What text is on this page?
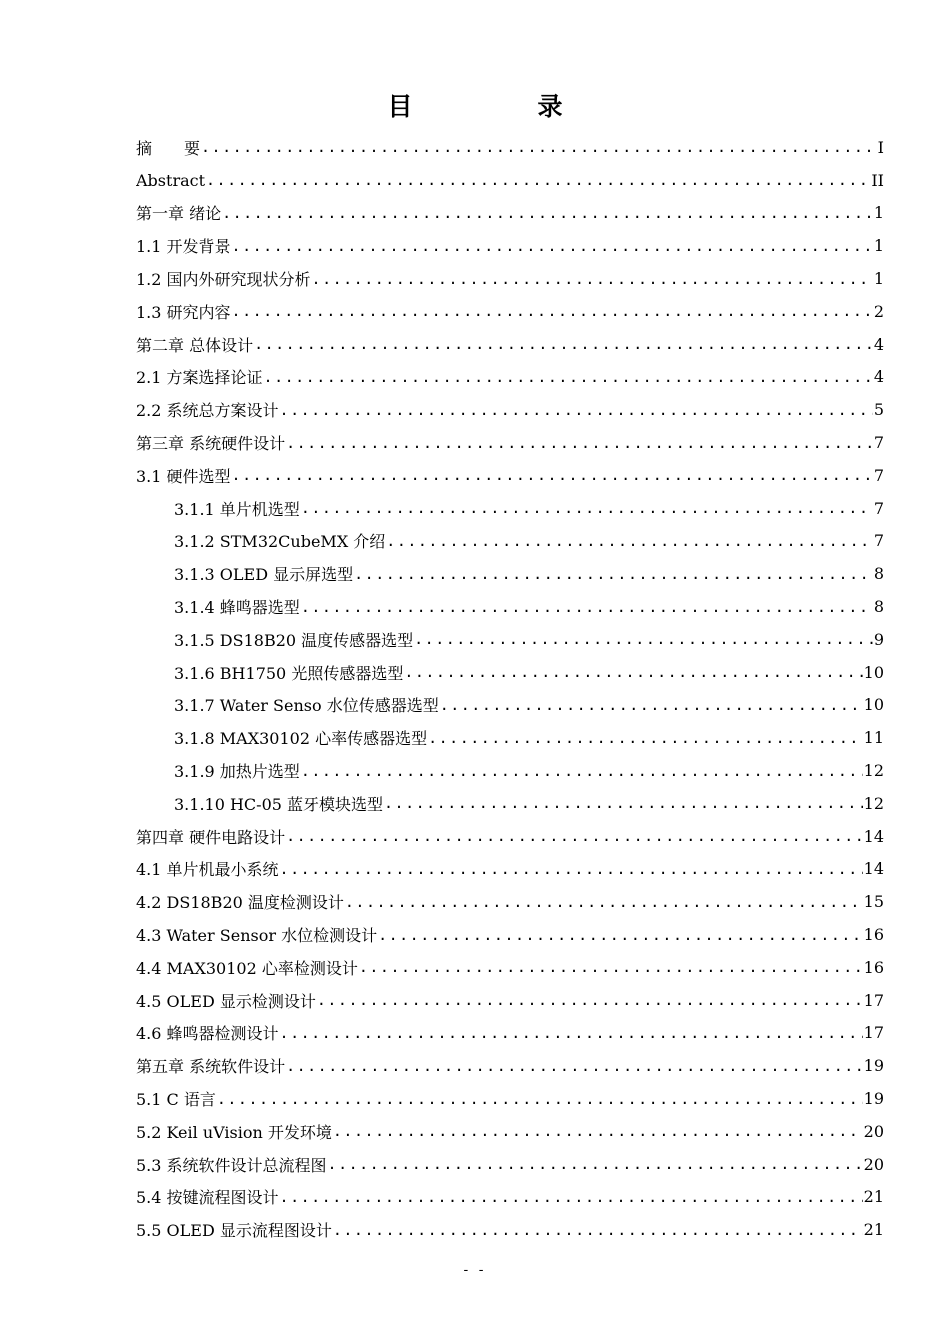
目　录
摘　　要 .....	I
Abstract .....	II
第一章 绪论 .....	1
1.1 开发背景 .....	1
1.2 国内外研究现状分析 .....	1
1.3 研究内容 .....	2
第二章 总体设计 .....	4
2.1 方案选择论证 .....	4
2.2 系统总方案设计 .....	5
第三章 系统硬件设计 .....	7
3.1 硬件选型 .....	7
3.1.1 单片机选型 .....	7
3.1.2 STM32CubeMX 介绍 .....	7
3.1.3 OLED 显示屏选型 .....	8
3.1.4 蜂鸣器选型 .....	8
3.1.5 DS18B20 温度传感器选型 .....	9
3.1.6 BH1750 光照传感器选型 .....	10
3.1.7 Water Senso 水位传感器选型 .....	10
3.1.8 MAX30102 心率传感器选型 .....	11
3.1.9 加热片选型 .....	12
3.1.10 HC-05 蓝牙模块选型 .....	12
第四章 硬件电路设计 .....	14
4.1 单片机最小系统 .....	14
4.2 DS18B20 温度检测设计 .....	15
4.3 Water Sensor 水位检测设计 .....	16
4.4 MAX30102 心率检测设计 .....	16
4.5 OLED 显示检测设计 .....	17
4.6 蜂鸣器检测设计 .....	17
第五章 系统软件设计 .....	19
5.1 C 语言 .....	19
5.2 Keil uVision 开发环境 .....	20
5.3 系统软件设计总流程图 .....	20
5.4 按键流程图设计 .....	21
5.5 OLED 显示流程图设计 .....	21
- -
